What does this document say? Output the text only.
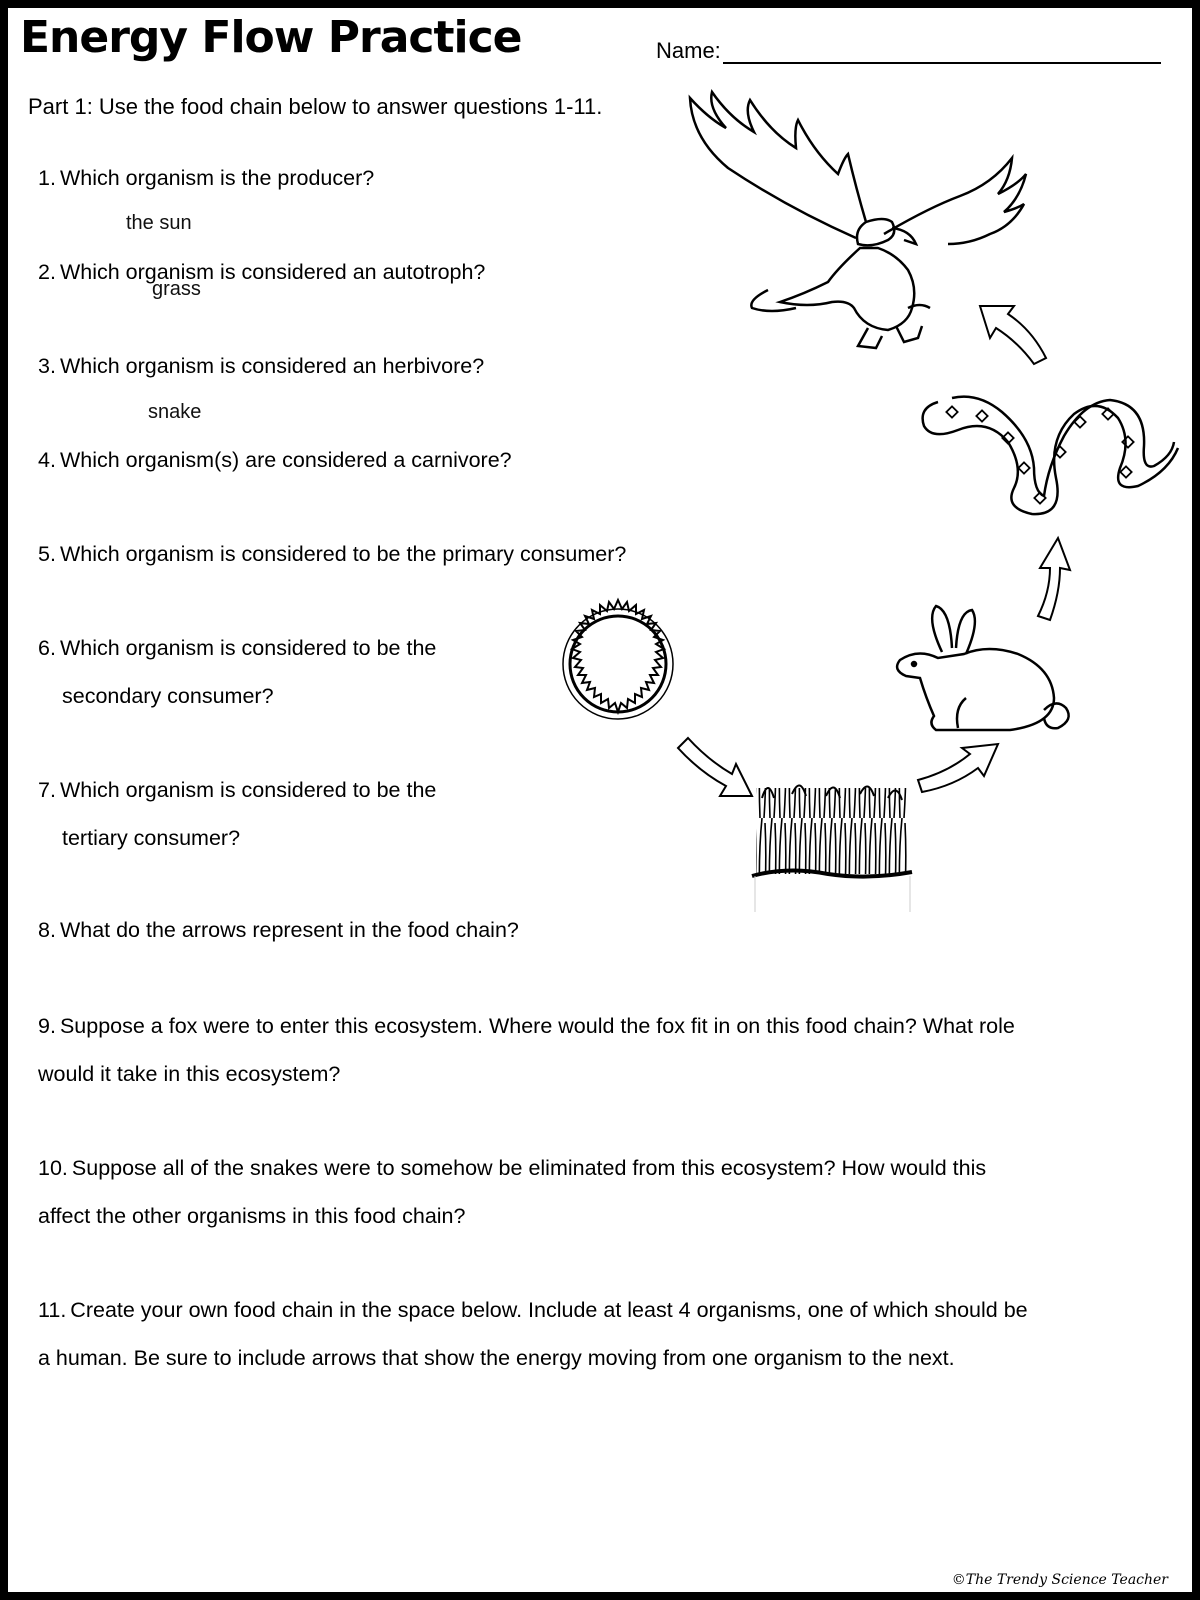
Energy Flow Practice	Name:
Part 1: Use the food chain below to answer questions 1-11.
1. Which organism is the producer?
the sun
2. Which organism is considered an autotroph?
grass
3. Which organism is considered an herbivore?
snake
4. Which organism(s) are considered a carnivore?
5. Which organism is considered to be the primary consumer?
6. Which organism is considered to be the
secondary consumer?
7. Which organism is considered to be the
tertiary consumer?
8. What do the arrows represent in the food chain?
9. Suppose a fox were to enter this ecosystem. Where would the fox fit in on this food chain? What role
would it take in this ecosystem?
10. Suppose all of the snakes were to somehow be eliminated from this ecosystem? How would this
affect the other organisms in this food chain?
11. Create your own food chain in the space below. Include at least 4 organisms, one of which should be
a human. Be sure to include arrows that show the energy moving from one organism to the next.
©The Trendy Science Teacher
